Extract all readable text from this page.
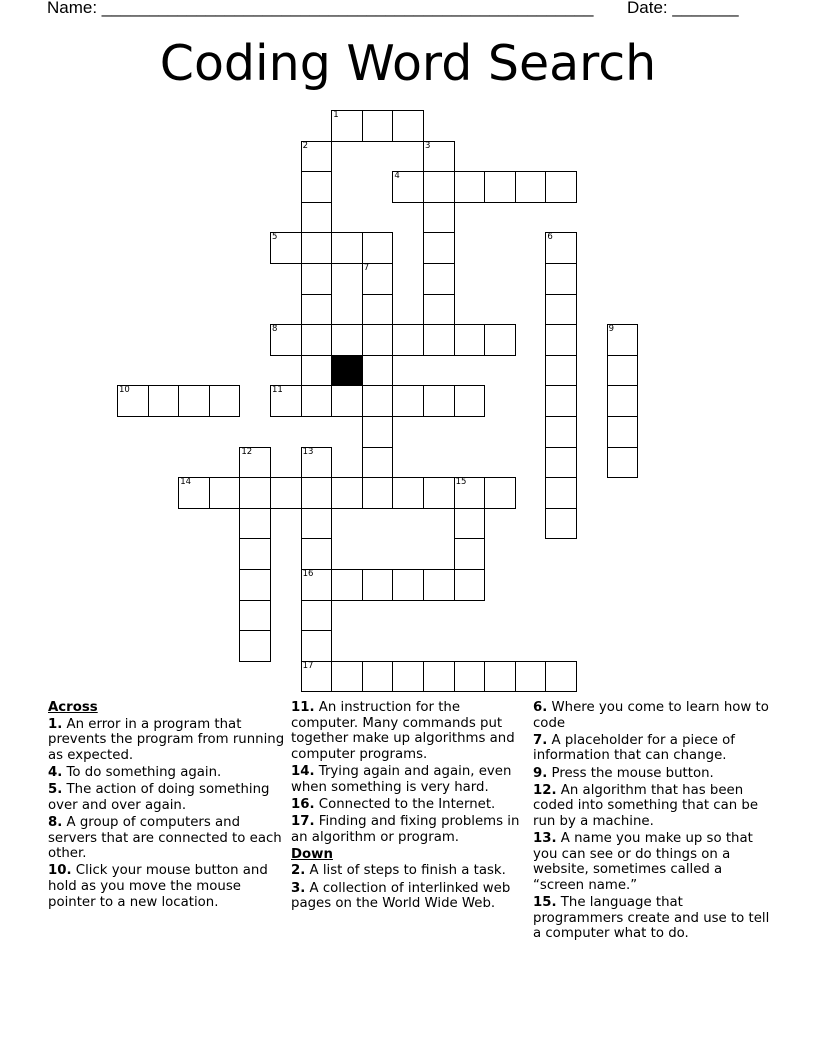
Name: ____________________________________________________ Date: _______
Coding Word Search
1
2	3
4
5	6
7
8	9
10	11
12	13
16
17
14	15
Across
1. An error in a program that prevents the program from running as expected.
4. To do something again.
5. The action of doing something over and over again.
8. A group of computers and servers that are connected to each other.
10. Click your mouse button and hold as you move the mouse pointer to a new location.
11. An instruction for the computer. Many commands put together make up algorithms and computer programs.
14. Trying again and again, even when something is very hard.
16. Connected to the Internet.
17. Finding and fixing problems in an algorithm or program.
Down
2. A list of steps to finish a task.
3. A collection of interlinked web pages on the World Wide Web.
6. Where you come to learn how to code
7. A placeholder for a piece of information that can change.
9. Press the mouse button.
12. An algorithm that has been coded into something that can be run by a machine.
13. A name you make up so that you can see or do things on a website, sometimes called a “screen name.”
15. The language that programmers create and use to tell a computer what to do.
